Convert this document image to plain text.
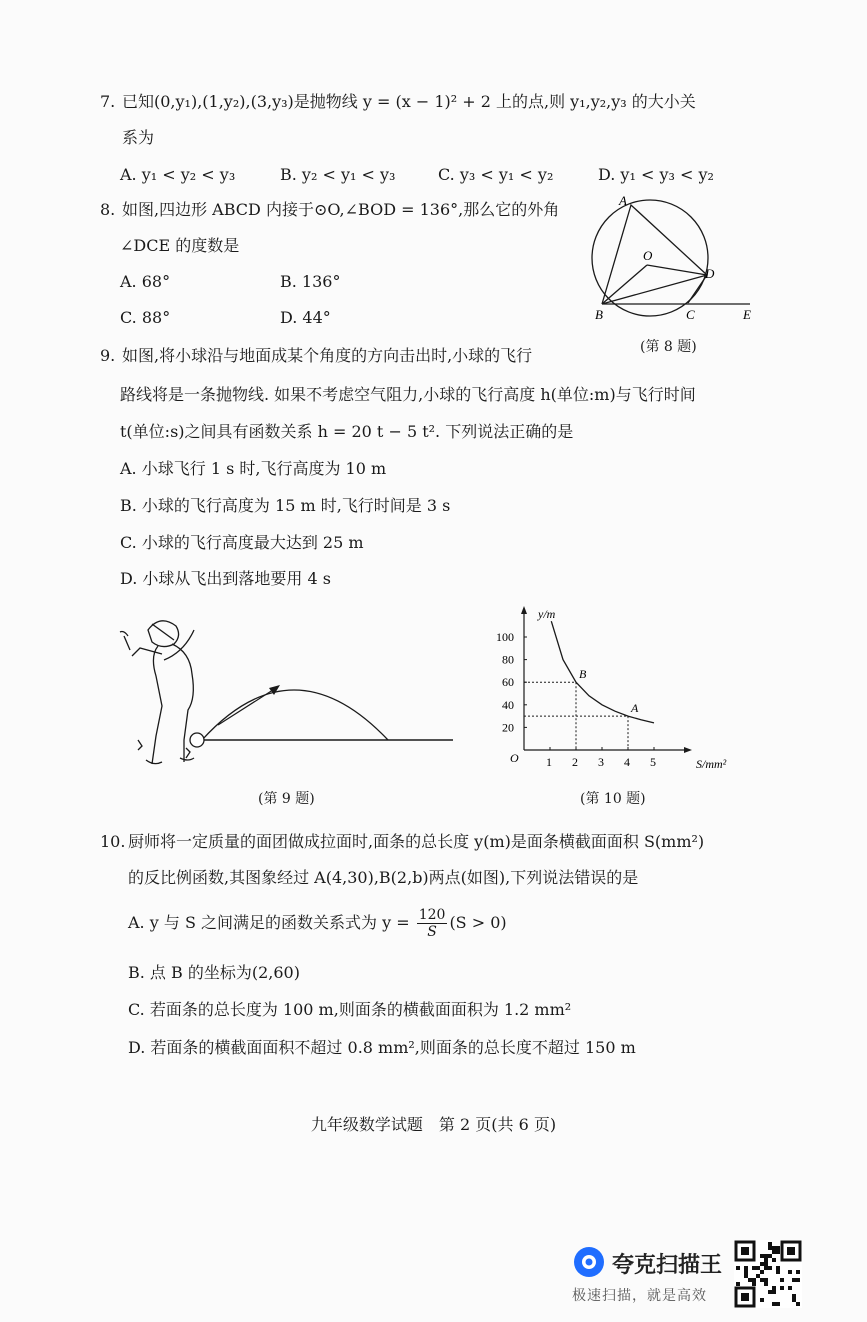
7. 已知(0,y₁),(1,y₂),(3,y₃)是抛物线 y = (x − 1)² + 2 上的点,则 y₁,y₂,y₃ 的大小关
系为
A. y₁ < y₂ < y₃	B. y₂ < y₁ < y₃	C. y₃ < y₁ < y₂	D. y₁ < y₃ < y₂
8. 如图,四边形 ABCD 内接于⊙O,∠BOD = 136°,那么它的外角
∠DCE 的度数是
A. 68°	B. 136°
C. 88°	D. 44°
A
O
D
B	C	E
(第 8 题)
9. 如图,将小球沿与地面成某个角度的方向击出时,小球的飞行
路线将是一条抛物线. 如果不考虑空气阻力,小球的飞行高度 h(单位:m)与飞行时间
t(单位:s)之间具有函数关系 h = 20 t − 5 t². 下列说法正确的是
A. 小球飞行 1 s 时,飞行高度为 10 m
B. 小球的飞行高度为 15 m 时,飞行时间是 3 s
C. 小球的飞行高度最大达到 25 m
D. 小球从飞出到落地要用 4 s
(第 9 题)
1 2 3 4 5
20
40
60
80
100
B
A
y/m
S/mm²
O
(第 10 题)
10. 厨师将一定质量的面团做成拉面时,面条的总长度 y(m)是面条横截面面积 S(mm²)
的反比例函数,其图象经过 A(4,30),B(2,b)两点(如图),下列说法错误的是
A. y 与 S 之间满足的函数关系式为 $y = \frac{120}{S} (S > 0)$
B. 点 B 的坐标为(2,60)
C. 若面条的总长度为 100 m,则面条的横截面面积为 1.2 mm²
D. 若面条的横截面面积不超过 0.8 mm²,则面条的总长度不超过 150 m
九年级数学试题　第 2 页(共 6 页)
夸克扫描王
极速扫描，就是高效
